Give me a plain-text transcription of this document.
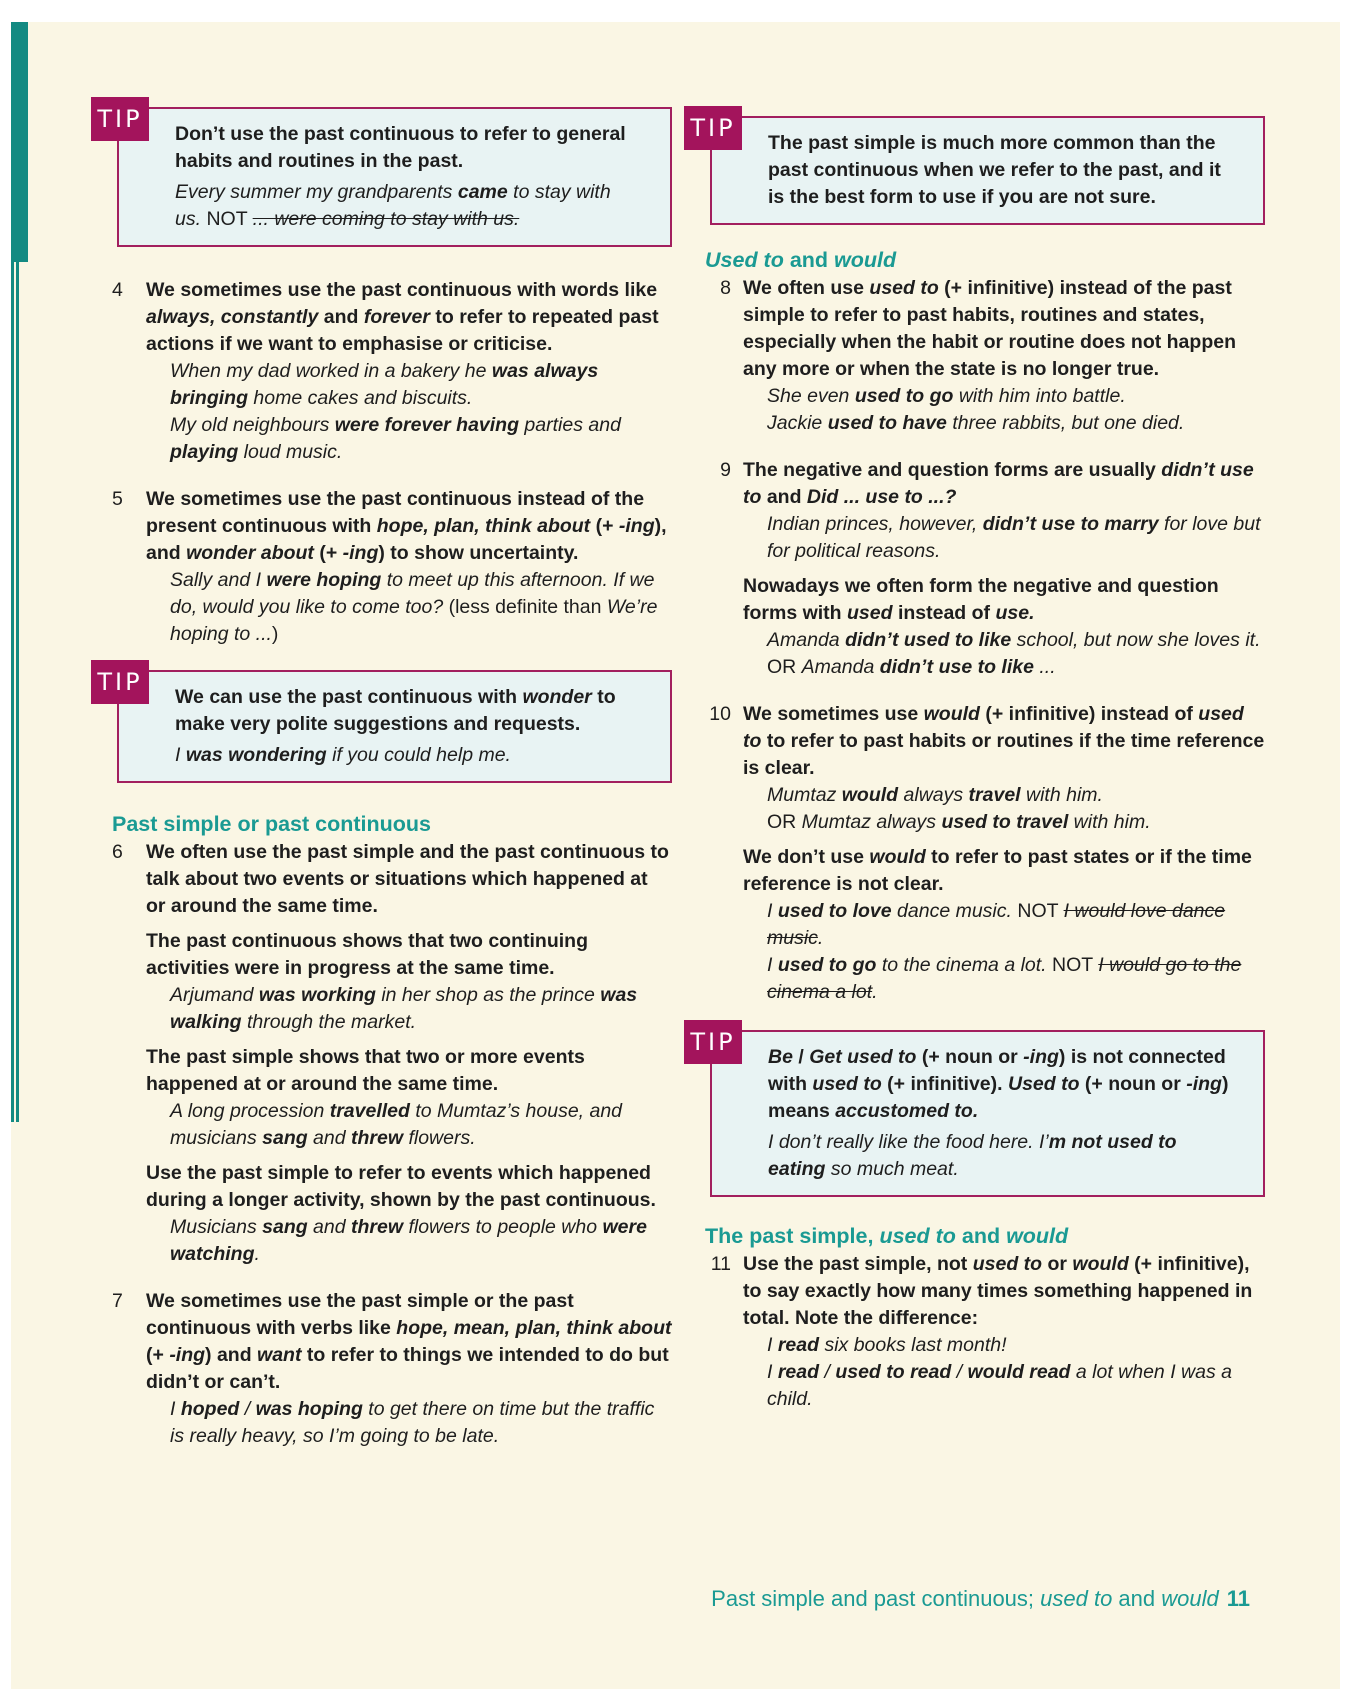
TIP
Don’t use the past continuous to refer to general habits and routines in the past.
Every summer my grandparents came to stay with us. NOT ... were coming to stay with us.
4	We sometimes use the past continuous with words like always, constantly and forever to refer to repeated past actions if we want to emphasise or criticise.

When my dad worked in a bakery he was always bringing home cakes and biscuits.

My old neighbours were forever having parties and playing loud music.

5	We sometimes use the past continuous instead of the present continuous with hope, plan, think about (+ -ing), and wonder about (+ -ing) to show uncertainty.

Sally and I were hoping to meet up this afternoon. If we do, would you like to come too? (less definite than We’re hoping to ...)

TIP
We can use the past continuous with wonder to make very polite suggestions and requests.
I was wondering if you could help me.
Past simple or past continuous
6	We often use the past simple and the past continuous to talk about two events or situations which happened at or around the same time.

The past continuous shows that two continuing activities were in progress at the same time.

Arjumand was working in her shop as the prince was walking through the market.

The past simple shows that two or more events happened at or around the same time.

A long procession travelled to Mumtaz’s house, and musicians sang and threw flowers.

Use the past simple to refer to events which happened during a longer activity, shown by the past continuous.

Musicians sang and threw flowers to people who were watching.

7	We sometimes use the past simple or the past continuous with verbs like hope, mean, plan, think about (+ -ing) and want to refer to things we intended to do but didn’t or can’t.

I hoped / was hoping to get there on time but the traffic is really heavy, so I’m going to be late.

TIP
The past simple is much more common than the past continuous when we refer to the past, and it is the best form to use if you are not sure.
Used to and would
8 We often use used to (+ infinitive) instead of the past simple to refer to past habits, routines and states, especially when the habit or routine does not happen any more or when the state is no longer true.

She even used to go with him into battle.

Jackie used to have three rabbits, but one died.

9 The negative and question forms are usually didn’t use to and Did ... use to ...?

Indian princes, however, didn’t use to marry for love but for political reasons.

Nowadays we often form the negative and question forms with used instead of use.

Amanda didn’t used to like school, but now she loves it. OR Amanda didn’t use to like ...

10 We sometimes use would (+ infinitive) instead of used to to refer to past habits or routines if the time reference is clear.

Mumtaz would always travel with him.

OR Mumtaz always used to travel with him.

We don’t use would to refer to past states or if the time reference is not clear.

I used to love dance music. NOT I would love dance music.

I used to go to the cinema a lot. NOT I would go to the cinema a lot.

TIP
Be / Get used to (+ noun or -ing) is not connected with used to (+ infinitive). Used to (+ noun or -ing) means accustomed to.
I don’t really like the food here. I’m not used to eating so much meat.
The past simple, used to and would
11 Use the past simple, not used to or would (+ infinitive), to say exactly how many times something happened in total. Note the difference:

I read six books last month!

I read / used to read / would read a lot when I was a child.

Past simple and past continuous; used to and would 11
